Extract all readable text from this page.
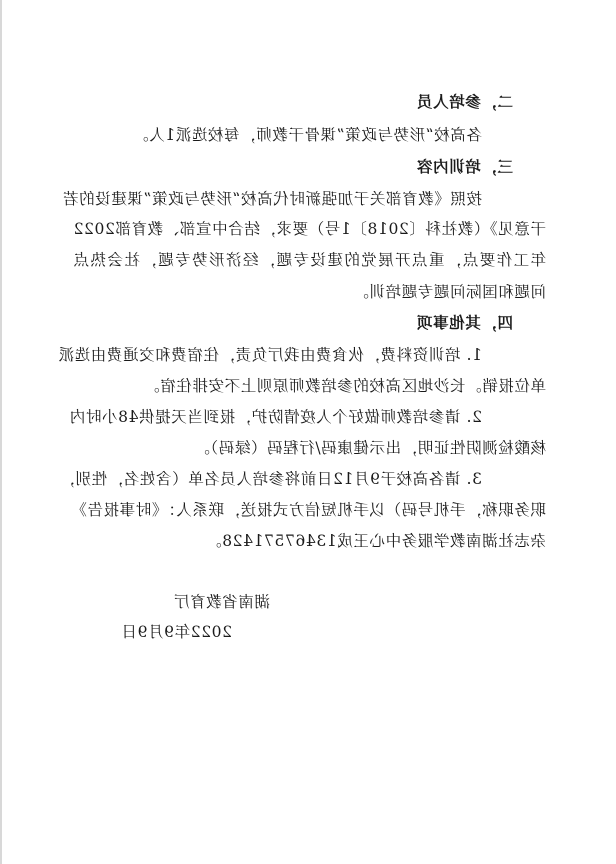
二，参培人员
各高校“形势与政策”课骨干教师，每校选派1人。
三，培训内容
按照《教育部关于加强新时代高校“形势与政策”课建设的若
干意见》（教社科〔2018〕1号）要求，结合中宣部、教育部2022
年工作要点，重点开展党的建设专题，经济形势专题，社会热点
问题和国际问题专题培训。
四，其他事项
1. 培训资料费，伙食费由我厅负责，住宿费和交通费由选派
单位报销。长沙地区高校的参培教师原则上不安排住宿。
2. 请参培教师做好个人疫情防护，报到当天提供48小时内
核酸检测阴性证明，出示健康码/行程码（绿码）。
3. 请各高校于9月12日前将参培人员名单（含姓名，性别，
职务职称，手机号码）以手机短信方式报送，联系人：《时事报告》
杂志社湖南教学服务中心王成13467571428。
湖南省教育厅
2022年9月9日
